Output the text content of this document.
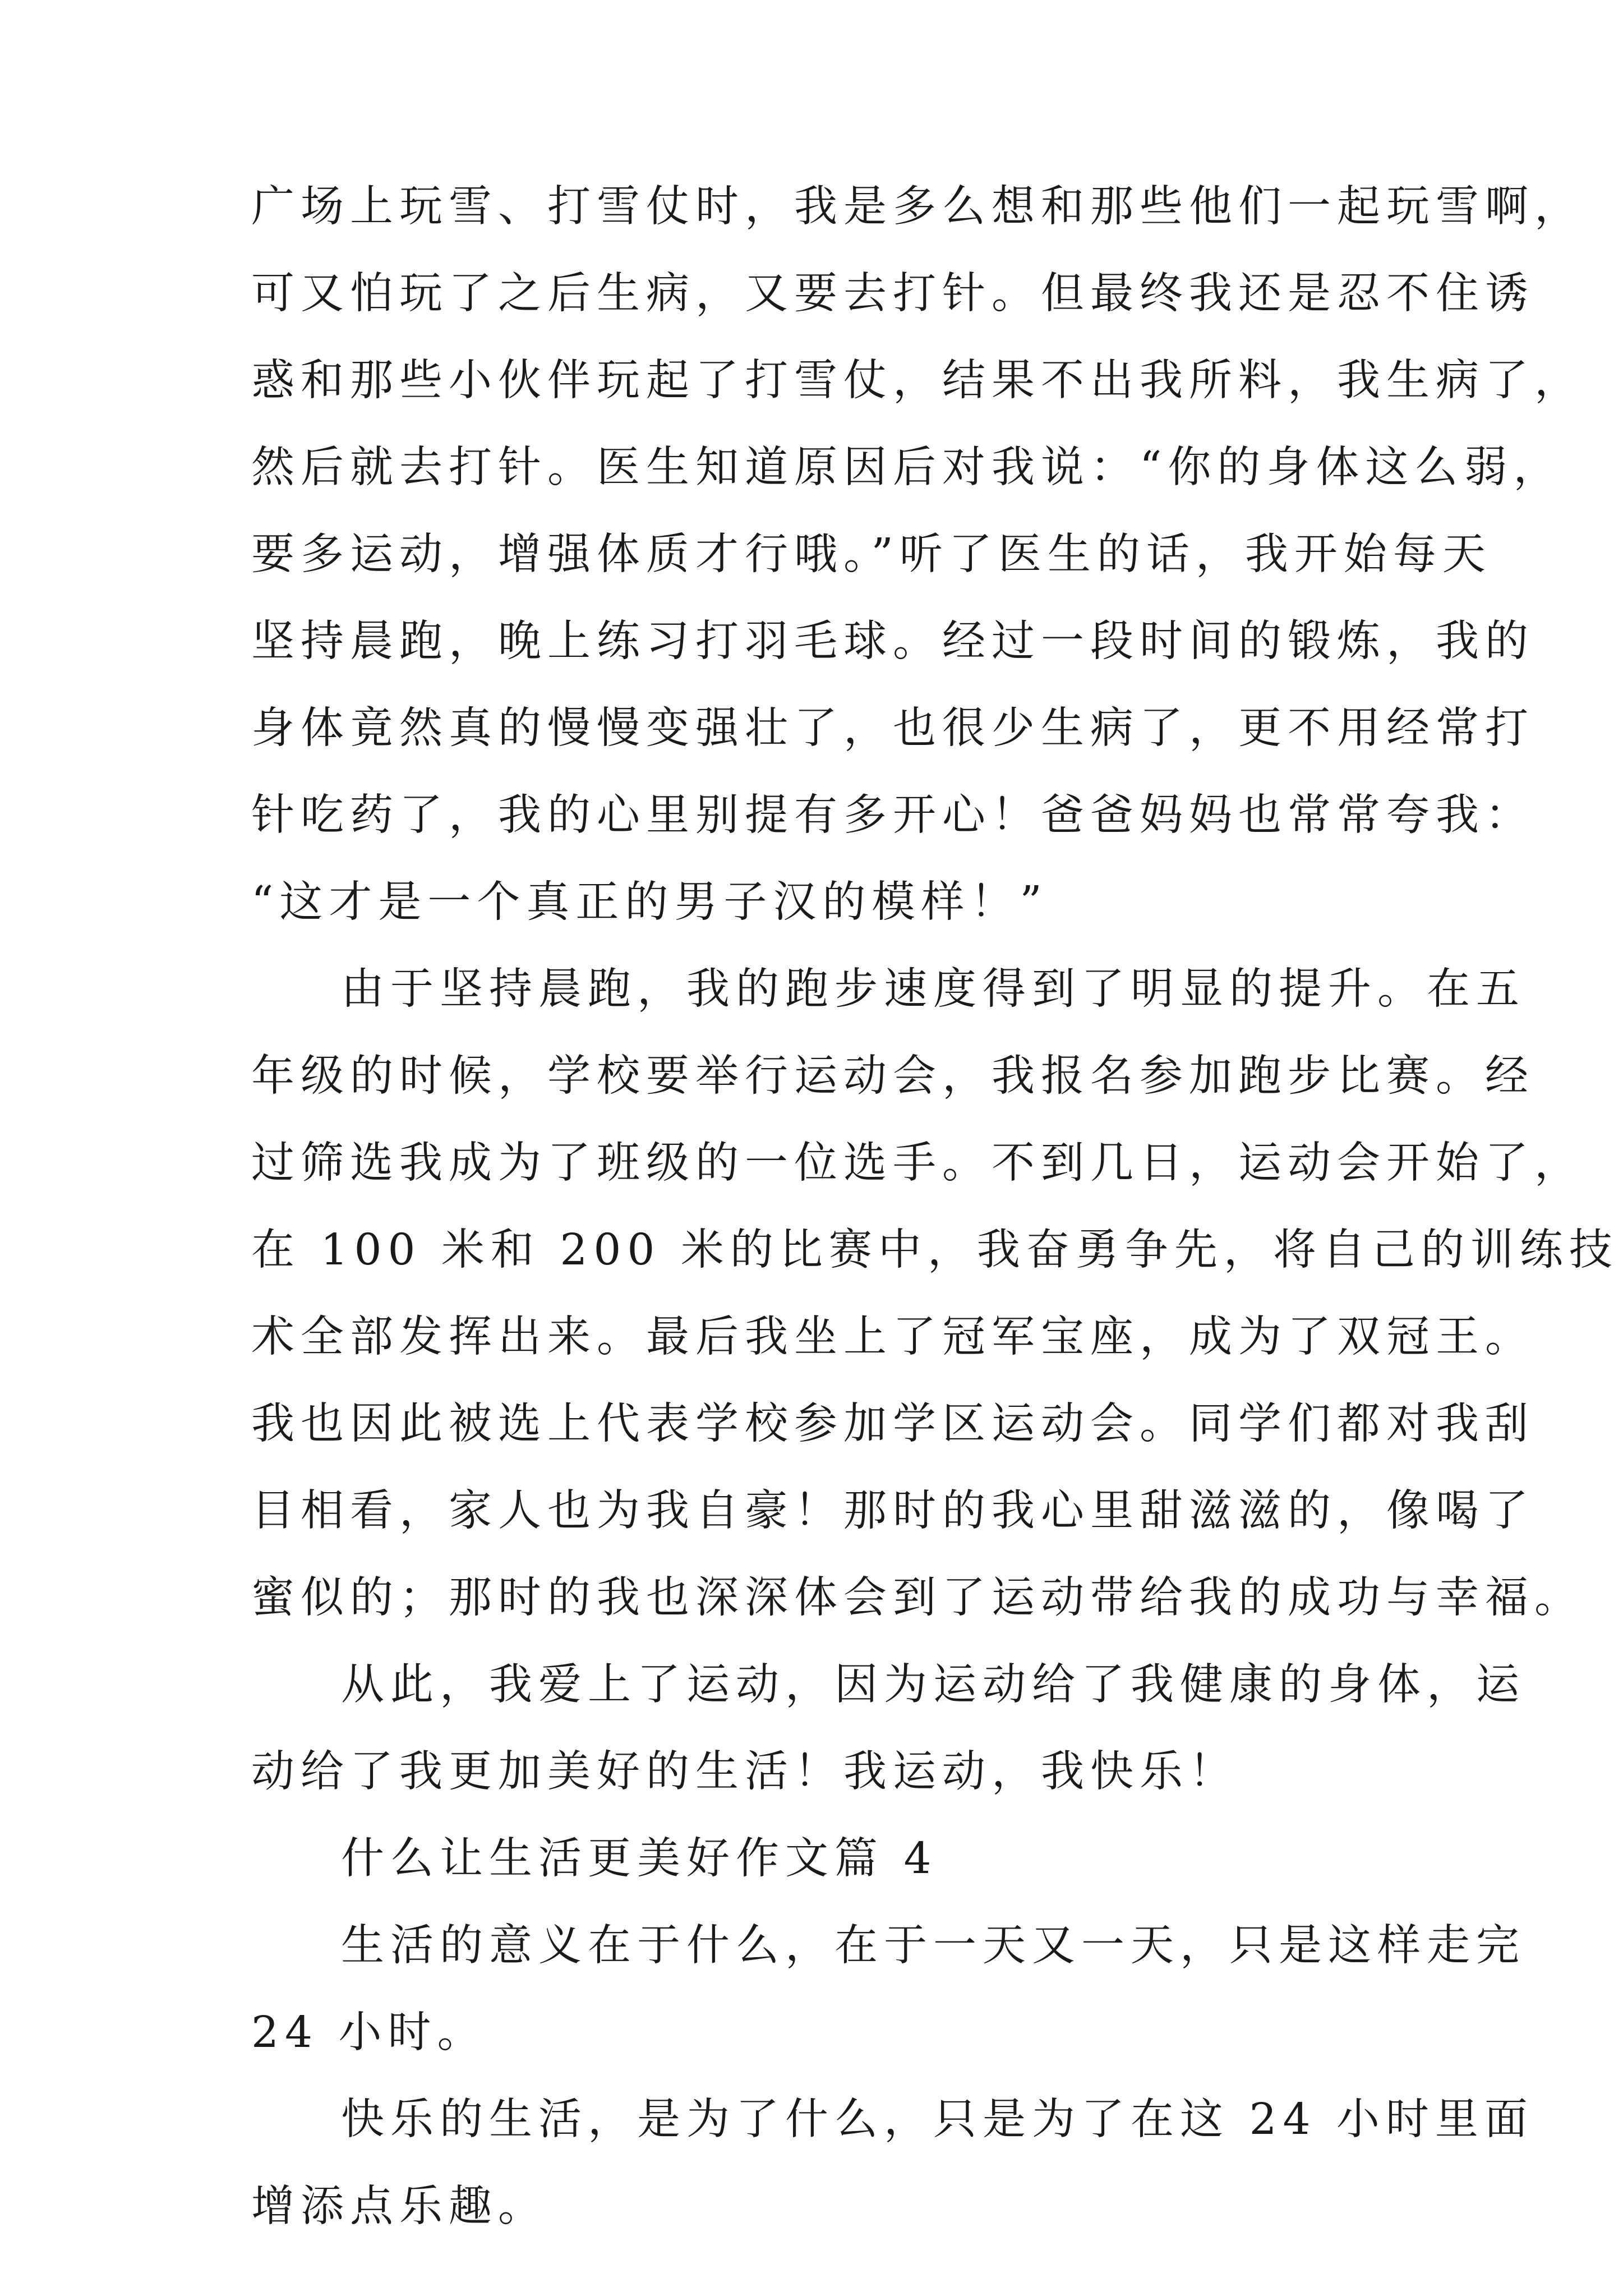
广场上玩雪、打雪仗时，我是多么想和那些他们一起玩雪啊，
可又怕玩了之后生病，又要去打针。但最终我还是忍不住诱
惑和那些小伙伴玩起了打雪仗，结果不出我所料，我生病了，
然后就去打针。医生知道原因后对我说：“你的身体这么弱，
要多运动，增强体质才行哦。”听了医生的话，我开始每天
坚持晨跑，晚上练习打羽毛球。经过一段时间的锻炼，我的
身体竟然真的慢慢变强壮了，也很少生病了，更不用经常打
针吃药了，我的心里别提有多开心！爸爸妈妈也常常夸我：
“这才是一个真正的男子汉的模样！”
由于坚持晨跑，我的跑步速度得到了明显的提升。在五
年级的时候，学校要举行运动会，我报名参加跑步比赛。经
过筛选我成为了班级的一位选手。不到几日，运动会开始了，
在 100 米和 200 米的比赛中，我奋勇争先，将自己的训练技
术全部发挥出来。最后我坐上了冠军宝座，成为了双冠王。
我也因此被选上代表学校参加学区运动会。同学们都对我刮
目相看，家人也为我自豪！那时的我心里甜滋滋的，像喝了
蜜似的；那时的我也深深体会到了运动带给我的成功与幸福。
从此，我爱上了运动，因为运动给了我健康的身体，运
动给了我更加美好的生活！我运动，我快乐！
什么让生活更美好作文篇 4
生活的意义在于什么，在于一天又一天，只是这样走完
24 小时。
快乐的生活，是为了什么，只是为了在这 24 小时里面
增添点乐趣。
